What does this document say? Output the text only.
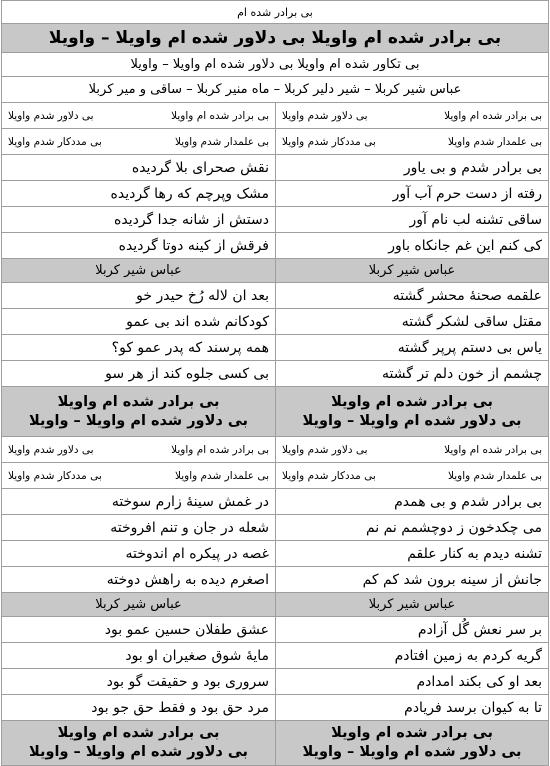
بی برادر شده ام
بی برادر شده ام واویلا بی دلاور شده ام واویلا – واویلا
بی تکاور شده ام واویلا بی دلاور شده ام واویلا – واویلا
عباس شیر کربلا – شیر دلیر کربلا – ماه منیر کربلا – ساقی و میر کربلا
بی برادر شده ام واویلا
بی دلاور شدم واویلا
بی برادر شده ام واویلا
بی دلاور شدم واویلا
بی علمدار شدم واویلا
بی مددکار شدم واویلا
بی علمدار شدم واویلا
بی مددکار شدم واویلا
بی برادر شدم و بی یاور
نقش صحرای بلا گردیده
رفته از دست حرم آب آور
مشک وپرچم که رها گردیده
ساقی تشنه لب نام آور
دستش از شانه جدا گردیده
کی کنم این غم جانکاه باور
فرقش از کینه دوتا گردیده
عباس شیر کربلا
عباس شیر کربلا
علقمه صحنهٔ محشر گشته
بعد ان لاله رُخ حیدر خو
مقتل ساقی لشکر گشته
کودکانم شده اند بی عمو
یاس بی دستم پرپر گشته
همه پرسند که پدر عمو کو؟
چشمم از خون دلم تر گشته
بی کسی جلوه کند از هر سو
بی برادر شده ام واویلا
بی دلاور شده ام واویلا – واویلا
بی برادر شده ام واویلا
بی دلاور شده ام واویلا – واویلا
بی برادر شده ام واویلا
بی دلاور شدم واویلا
بی برادر شده ام واویلا
بی دلاور شدم واویلا
بی علمدار شدم واویلا
بی مددکار شدم واویلا
بی علمدار شدم واویلا
بی مددکار شدم واویلا
بی برادر شدم و بی همدم
در غمش سینهٔ زارم سوخته
می چکدخون ز دوچشمم نم نم
شعله در جان و تنم افروخته
تشنه دیدم به کنار علقم
غصه در پیکره ام اندوخته
جانش از سینه برون شد کم کم
اصغرم دیده به راهش دوخته
عباس شیر کربلا
عباس شیر کربلا
بر سر نعش گُل آزادم
عشق طفلان حسین عمو بود
گریه کردم به زمین افتادم
مایهٔ شوق صغیران او بود
بعد او کی بکند امدادم
سروری بود و حقیقت گو بود
تا به کیوان برسد فریادم
مرد حق بود و فقط حق جو بود
بی برادر شده ام واویلا
بی دلاور شده ام واویلا – واویلا
بی برادر شده ام واویلا
بی دلاور شده ام واویلا – واویلا
